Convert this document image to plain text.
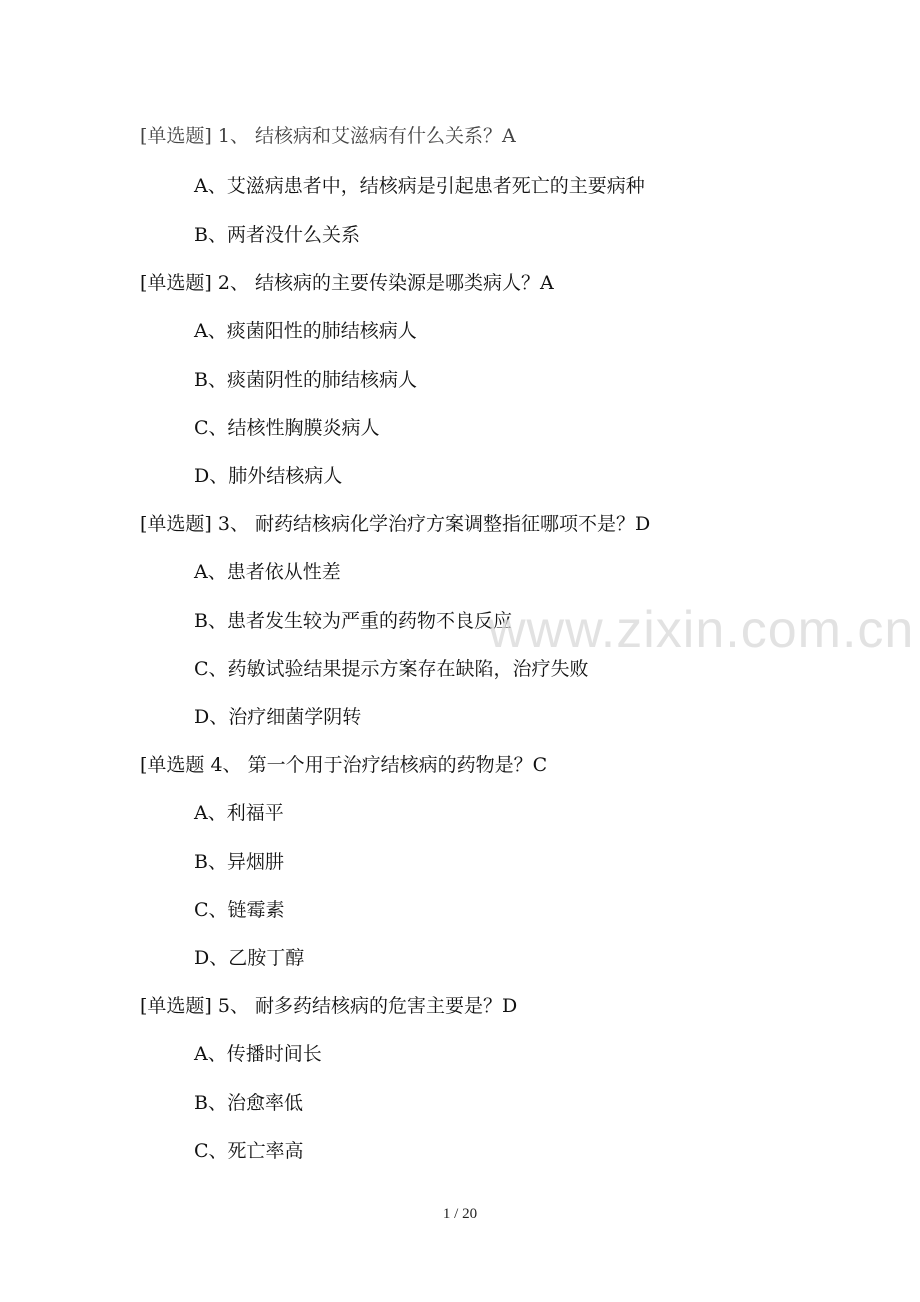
[单选题] 1、 结核病和艾滋病有什么关系？A
A、艾滋病患者中，结核病是引起患者死亡的主要病种
B、两者没什么关系
[单选题] 2、 结核病的主要传染源是哪类病人？A
A、痰菌阳性的肺结核病人
B、痰菌阴性的肺结核病人
C、结核性胸膜炎病人
D、肺外结核病人
[单选题] 3、 耐药结核病化学治疗方案调整指征哪项不是？D
A、患者依从性差
B、患者发生较为严重的药物不良反应
C、药敏试验结果提示方案存在缺陷，治疗失败
D、治疗细菌学阴转
[单选题 4、 第一个用于治疗结核病的药物是？C
A、利福平
B、异烟肼
C、链霉素
D、乙胺丁醇
[单选题] 5、 耐多药结核病的危害主要是？D
A、传播时间长
B、治愈率低
C、死亡率高
www.zixin.com.cn
1 / 20
